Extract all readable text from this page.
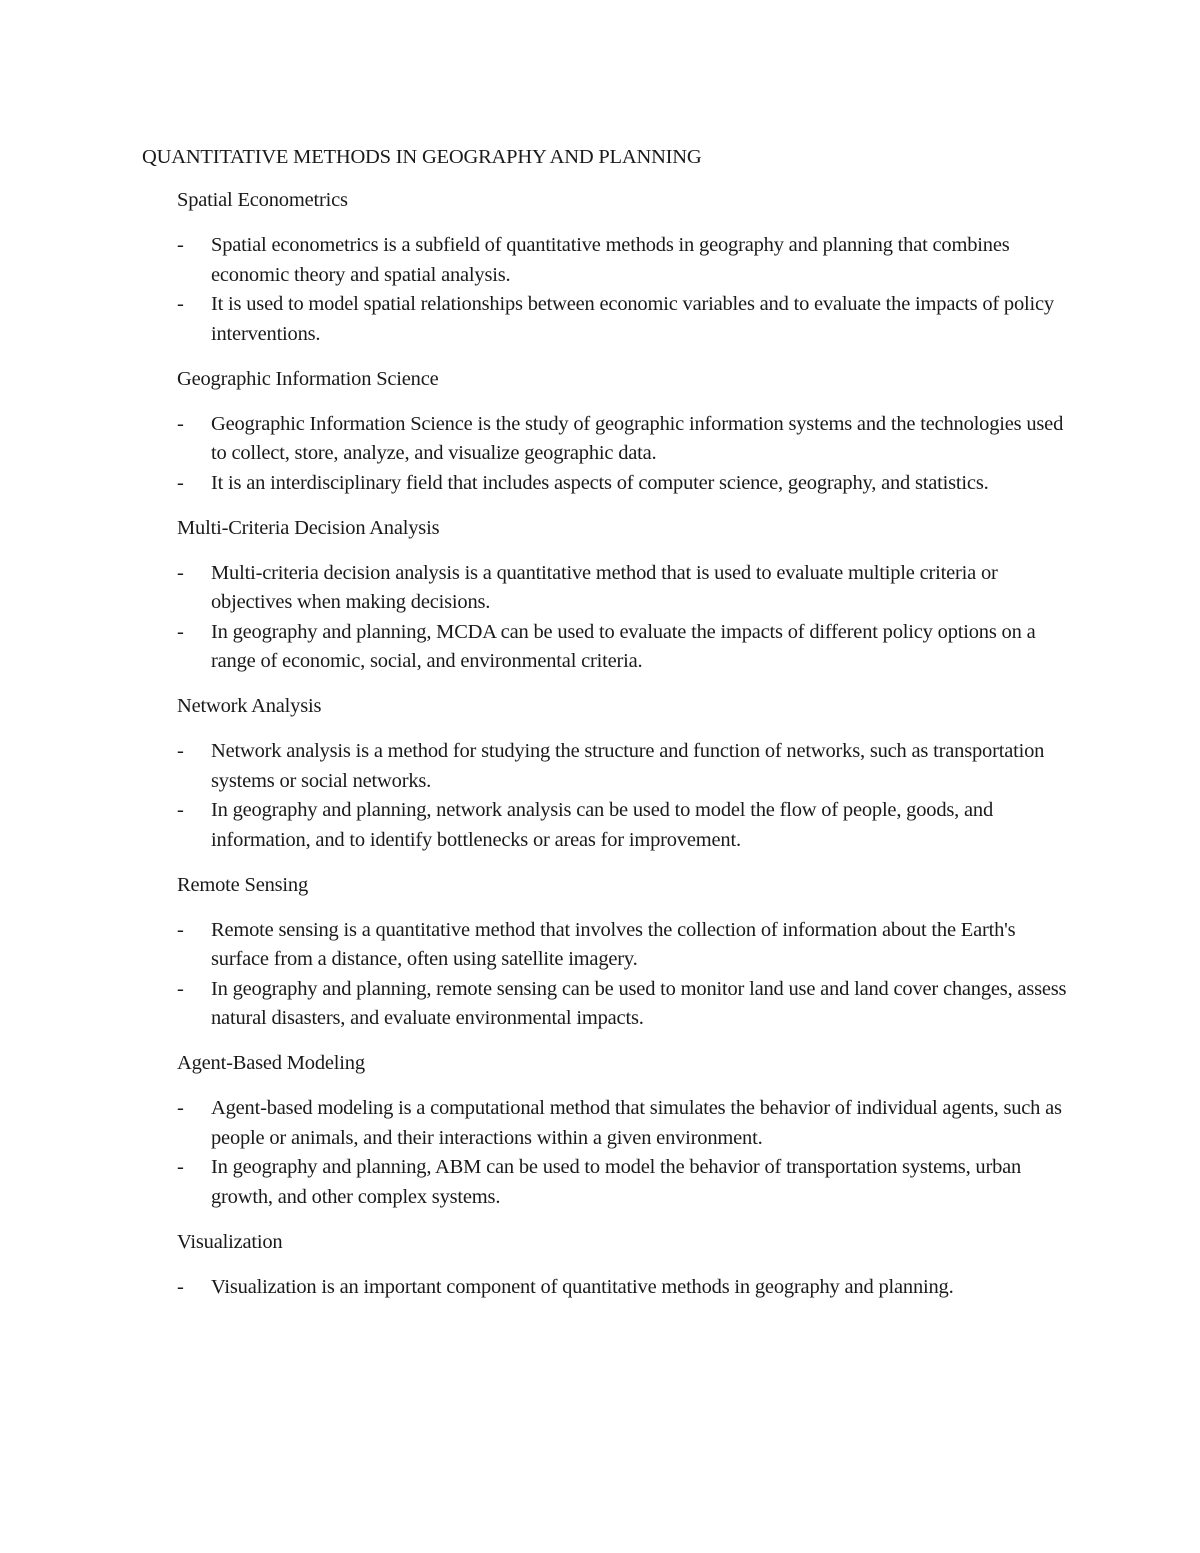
QUANTITATIVE METHODS IN GEOGRAPHY AND PLANNING
Spatial Econometrics
-	Spatial econometrics is a subfield of quantitative methods in geography and planning that combines economic theory and spatial analysis.
-	It is used to model spatial relationships between economic variables and to evaluate the impacts of policy interventions.
Geographic Information Science
-	Geographic Information Science is the study of geographic information systems and the technologies used to collect, store, analyze, and visualize geographic data.
-	It is an interdisciplinary field that includes aspects of computer science, geography, and statistics.
Multi-Criteria Decision Analysis
-	Multi-criteria decision analysis is a quantitative method that is used to evaluate multiple criteria or objectives when making decisions.
-	In geography and planning, MCDA can be used to evaluate the impacts of different policy options on a range of economic, social, and environmental criteria.
Network Analysis
-	Network analysis is a method for studying the structure and function of networks, such as transportation systems or social networks.
-	In geography and planning, network analysis can be used to model the flow of people, goods, and information, and to identify bottlenecks or areas for improvement.
Remote Sensing
-	Remote sensing is a quantitative method that involves the collection of information about the Earth's surface from a distance, often using satellite imagery.
-	In geography and planning, remote sensing can be used to monitor land use and land cover changes, assess natural disasters, and evaluate environmental impacts.
Agent-Based Modeling
-	Agent-based modeling is a computational method that simulates the behavior of individual agents, such as people or animals, and their interactions within a given environment.
-	In geography and planning, ABM can be used to model the behavior of transportation systems, urban growth, and other complex systems.
Visualization
-	Visualization is an important component of quantitative methods in geography and planning.
